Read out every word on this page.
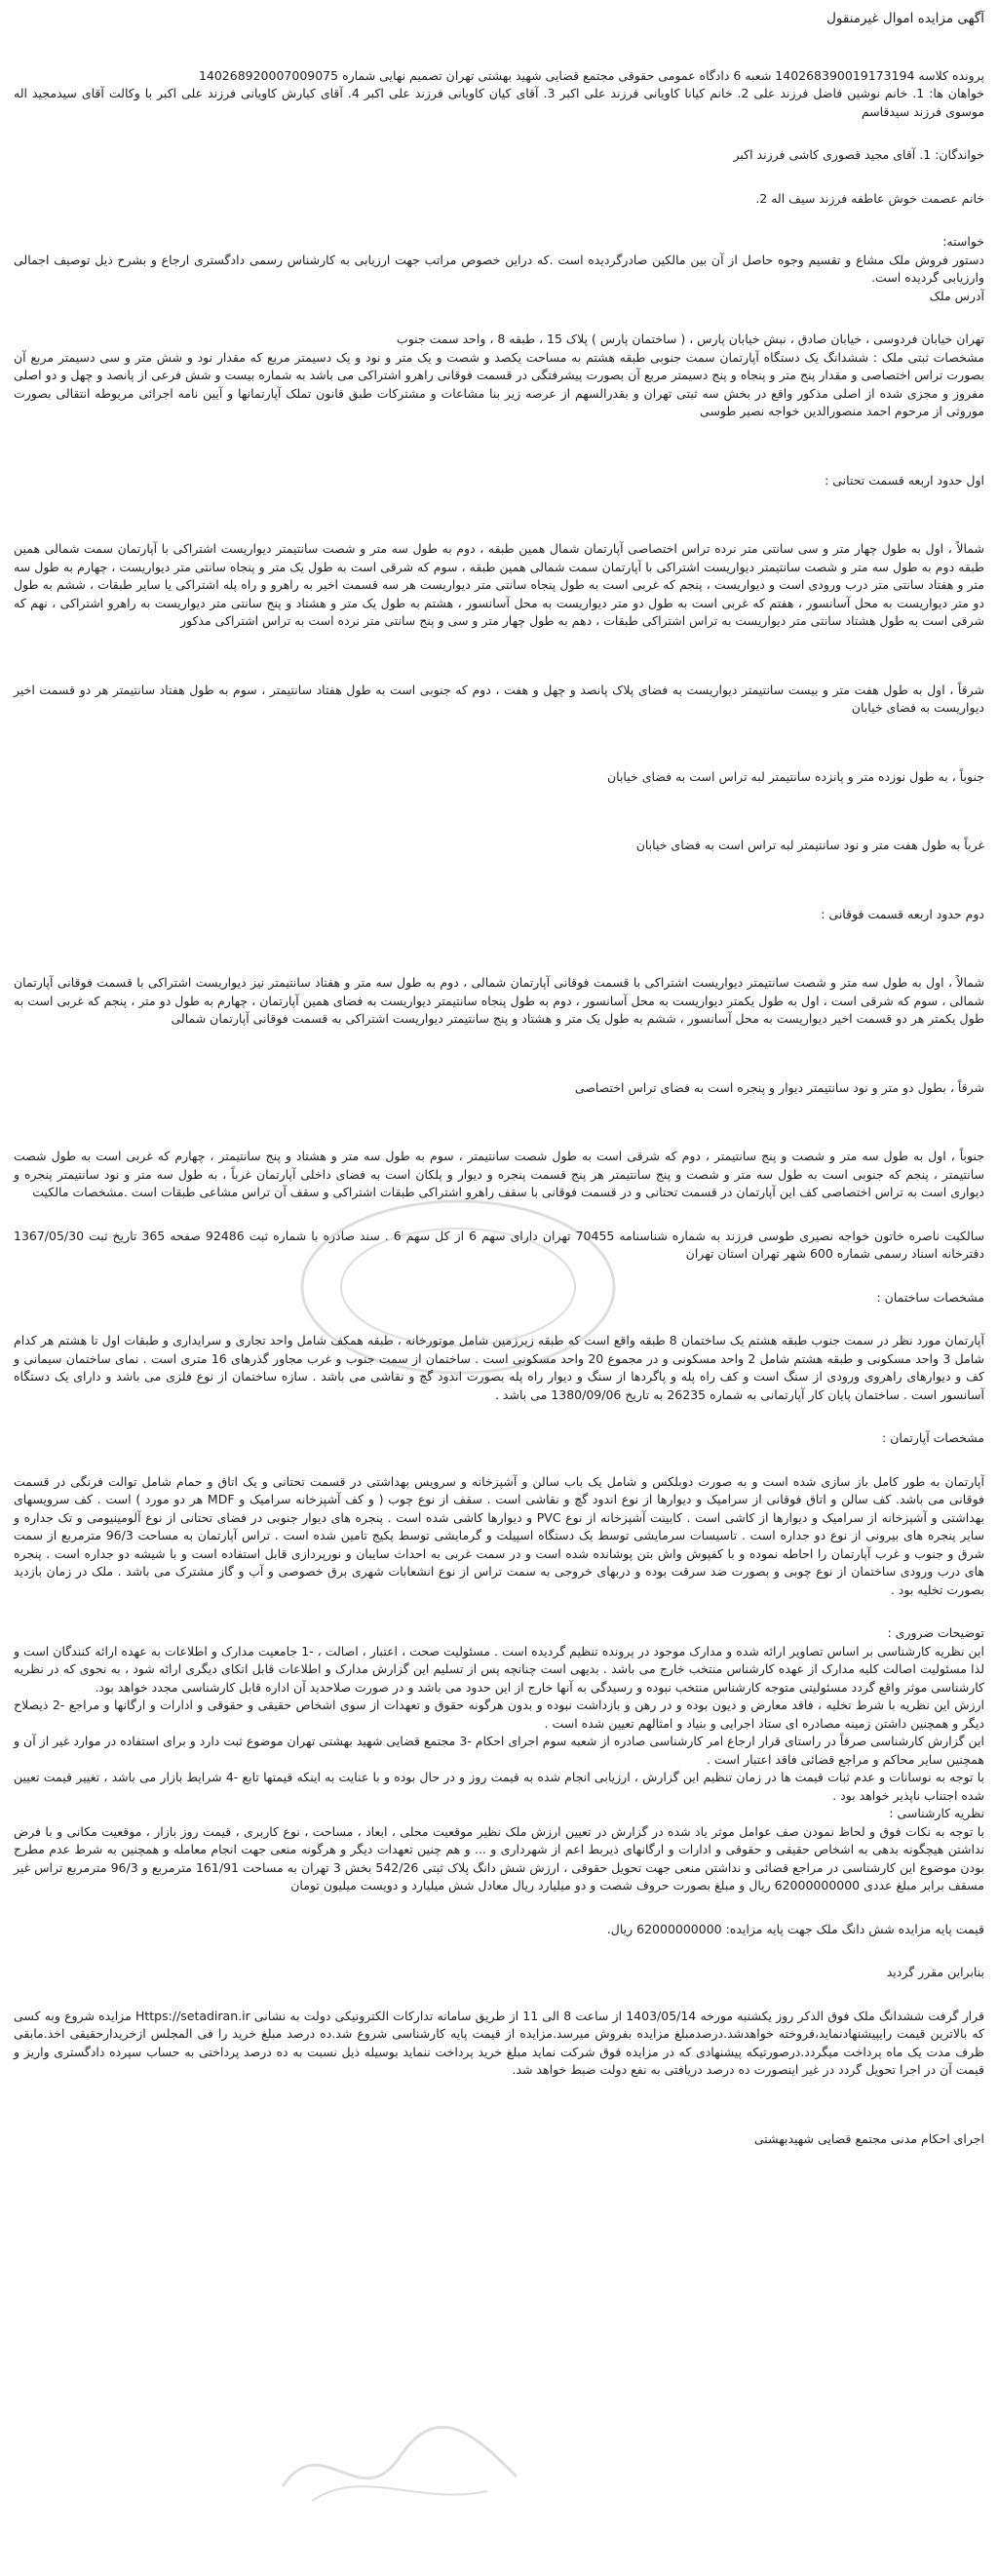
آگهی مزایده اموال غیرمنقول

پرونده کلاسه 140268390019173194 شعبه 6 دادگاه عمومی حقوقی مجتمع قضایی شهید بهشتی تهران تصمیم نهایی شماره 140268920007009075

خواهان ها: 1. خانم نوشین فاضل فرزند علی 2. خانم کیانا کاویانی فرزند علی اکبر 3. آقای کیان کاویانی فرزند علی اکبر 4. آقای کیارش کاویانی فرزند علی اکبر با وکالت آقای سیدمجید اله موسوی فرزند سیدقاسم

خواندگان: 1. آقای مجید قصوری کاشی فرزند اکبر

خانم عصمت خوش عاطفه فرزند سیف اله 2.

خواسته:

دستور فروش ملک مشاع و تقسیم وجوه حاصل از آن بین مالکین صادرگردیده است .که دراین خصوص مراتب جهت ارزیابی به کارشناس رسمی دادگستری ارجاع و بشرح ذیل توصیف اجمالی وارزیابی گردیده است.

آدرس ملک

تهران خیابان فردوسی ، خیابان صادق ، نبش خیابان پارس ، ( ساختمان پارس ) پلاک 15 ، طبقه 8 ، واحد سمت جنوب

مشخصات ثبتی ملک : ششدانگ یک دستگاه آپارتمان سمت جنوبی طبقه هشتم به مساحت یکصد و شصت و یک متر و نود و یک دسیمتر مربع که مقدار نود و شش متر و سی دسیمتر مربع آن بصورت تراس اختصاصی و مقدار پنج متر و پنجاه و پنج دسیمتر مربع آن بصورت پیشرفتگی در قسمت فوقانی راهرو اشتراکی می باشد به شماره بیست و شش فرعی از پانصد و چهل و دو اصلی مفروز و مجزی شده از اصلی مذکور واقع در بخش سه ثبتی تهران و بقدرالسهم از عرصه زیر بنا مشاعات و مشترکات طبق قانون تملک آپارتمانها و آیین نامه اجرائی مربوطه انتقالی بصورت موروثی از مرحوم احمد منصورالدین خواجه نصیر طوسی

اول حدود اربعه قسمت تحتانی :

شمالاً ، اول به طول چهار متر و سی سانتی متر نرده تراس اختصاصی آپارتمان شمال همین طبقه ، دوم به طول سه متر و شصت سانتیمتر دیواریست اشتراکی با آپارتمان سمت شمالی همین طبقه دوم به طول سه متر و شصت سانتیمتر دیواریست اشتراکی با آپارتمان سمت شمالی همین طبقه ، سوم که شرقی است به طول یک متر و پنجاه سانتی متر دیواریست ، چهارم به طول سه متر و هفتاد سانتی متر درب ورودی است و دیواریست ، پنجم که غربی است به طول پنجاه سانتی متر دیواریست هر سه قسمت اخیر به راهرو و راه پله اشتراکی یا سایر طبقات ، ششم به طول دو متر دیواریست به محل آسانسور ، هفتم که غربی است به طول دو متر دیواریست به محل آسانسور ، هشتم به طول یک متر و هشتاد و پنج سانتی متر دیواریست به راهرو اشتراکی ، نهم که شرقی است به طول هشتاد سانتی متر دیواریست به تراس اشتراکی طبقات ، دهم به طول چهار متر و سی و پنج سانتی متر نرده است به تراس اشتراکی مذکور

شرقاً ، اول به طول هفت متر و بیست سانتیمتر دیواریست به فضای پلاک پانصد و چهل و هفت ، دوم که جنوبی است به طول هفتاد سانتیمتر ، سوم به طول هفتاد سانتیمتر هر دو قسمت اخیر دیواریست به فضای خیابان

جنوباً ، به طول نوزده متر و پانزده سانتیمتر لبه تراس است به فضای خیابان

غرباً به طول هفت متر و نود سانتیمتر لبه تراس است به فضای خیابان

دوم حدود اربعه قسمت فوقانی :

شمالاً ، اول به طول سه متر و شصت سانتیمتر دیواریست اشتراکی با قسمت فوقانی آپارتمان شمالی ، دوم به طول سه متر و هفتاد سانتیمتر نیز دیواریست اشتراکی با قسمت فوقانی آپارتمان شمالی ، سوم که شرقی است ، اول به طول یکمتر دیواریست به محل آسانسور ، دوم به طول پنجاه سانتیمتر دیواریست به فضای همین آپارتمان ، چهارم به طول دو متر ، پنجم که غربی است به طول یکمتر هر دو قسمت اخیر دیواریست به محل آسانسور ، ششم به طول یک متر و هشتاد و پنج سانتیمتر دیواریست اشتراکی به قسمت فوقانی آپارتمان شمالی

شرقاً ، بطول دو متر و نود سانتیمتر دیوار و پنجره است به فضای تراس اختصاصی

جنوباً ، اول به طول سه متر و شصت و پنج سانتیمتر ، دوم که شرقی است به طول شصت سانتیمتر ، سوم به طول سه متر و هشتاد و پنج سانتیمتر ، چهارم که غربی است به طول شصت سانتیمتر ، پنجم که جنوبی است به طول سه متر و شصت و پنج سانتیمتر هر پنج قسمت پنجره و دیوار و پلکان است به فضای داخلی آپارتمان غرباً ، به طول سه متر و نود سانتیمتر پنجره و دیواری است به تراس اختصاصی کف این آپارتمان در قسمت تحتانی و در قسمت فوقانی با سقف راهرو اشتراکی طبقات اشتراکی و سقف آن تراس مشاعی طبقات است .مشخصات مالکیت

سالکیت ناصره خاتون خواجه نصیری طوسی فرزند به شماره شناسنامه 70455 تهران دارای سهم 6 از کل سهم 6 . سند صادره با شماره ثبت 92486 صفحه 365 تاریخ ثبت 1367/05/30 دفترخانه اسناد رسمی شماره 600 شهر تهران استان تهران

مشخصات ساختمان :

آپارتمان مورد نظر در سمت جنوب طبقه هشتم یک ساختمان 8 طبقه واقع است که طبقه زیرزمین شامل موتورخانه ، طبقه همکف شامل واحد تجاری و سرایداری و طبقات اول تا هشتم هر کدام شامل 3 واحد مسکونی و طبقه هشتم شامل 2 واحد مسکونی و در مجموع 20 واحد مسکونی است . ساختمان از سمت جنوب و غرب مجاور گذرهای 16 متری است . نمای ساختمان سیمانی و کف و دیوارهای راهروی ورودی از سنگ است و کف راه پله و پاگردها از سنگ و دیوار راه پله بصورت اندود گچ و نقاشی می باشد . سازه ساختمان از نوع فلزی می باشد و دارای یک دستگاه آسانسور است . ساختمان پایان کار آپارتمانی به شماره 26235 به تاریخ 1380/09/06 می باشد .

مشخصات آپارتمان :

آپارتمان به طور کامل باز سازی شده است و به صورت دوبلکس و شامل یک باب سالن و آشپزخانه و سرویس بهداشتی در قسمت تحتانی و یک اتاق و حمام شامل توالت فرنگی در قسمت فوقانی می باشد. کف سالن و اتاق فوقانی از سرامیک و دیوارها از نوع اندود گچ و نقاشی است . سقف از نوع چوب ( و کف آشپزخانه سرامیک و MDF هر دو مورد ) است . کف سرویسهای بهداشتی و آشپزخانه از سرامیک و دیوارها از کاشی است . کابینت آشپزخانه از نوع PVC و دیوارها کاشی شده است . پنجره های دیوار جنوبی در فضای تحتانی از نوع آلومینیومی و تک جداره و سایر پنجره های بیرونی از نوع دو جداره است . تاسیسات سرمایشی توسط یک دستگاه اسپیلت و گرمایشی توسط پکیج تامین شده است . تراس آپارتمان به مساحت 96/3 مترمربع از سمت شرق و جنوب و غرب آپارتمان را احاطه نموده و با کفپوش واش بتن پوشانده شده است و در سمت غربی به احداث سایبان و نورپردازی قابل استفاده است و با شیشه دو جداره است . پنجره های درب ورودی ساختمان از نوع چوبی و بصورت ضد سرقت بوده و دربهای خروجی به سمت تراس از نوع انشعابات شهری برق خصوصی و آب و گاز مشترک می باشد . ملک در زمان بازدید بصورت تخلیه بود .

توضیحات ضروری :

این نظریه کارشناسی بر اساس تصاویر ارائه شده و مدارک موجود در پرونده تنظیم گردیده است . مسئولیت صحت ، اعتبار ، اصالت ، -1 جامعیت مدارک و اطلاعات به عهده ارائه کنندگان است و لذا مسئولیت اصالت کلیه مدارک از عهده کارشناس منتخب خارج می باشد . بدیهی است چنانچه پس از تسلیم این گزارش مدارک و اطلاعات قابل اتکای دیگری ارائه شود ، به نحوی که در نظریه کارشناسی موثر واقع گردد مسئولیتی متوجه کارشناس منتخب نبوده و رسیدگی به آنها خارج از این حدود می باشد و در صورت صلاحدید آن اداره قابل کارشناسی مجدد خواهد بود.

ارزش این نظریه با شرط تخلیه ، فاقد معارض و دیون بوده و در رهن و بازداشت نبوده و بدون هرگونه حقوق و تعهدات از سوی اشخاص حقیقی و حقوقی و ادارات و ارگانها و مراجع -2 ذیصلاح دیگر و همچنین داشتن زمینه مصادره ای ستاد اجرایی و بنیاد و امثالهم تعیین شده است .

این گزارش کارشناسی صرفاً در راستای قرار ارجاع امر کارشناسی صادره از شعبه سوم اجرای احکام -3 مجتمع قضایی شهید بهشتی تهران موضوع ثبت دارد و برای استفاده در موارد غیر از آن و همچنین سایر محاکم و مراجع قضائی فاقد اعتبار است .

با توجه به نوسانات و عدم ثبات قیمت ها در زمان تنظیم این گزارش ، ارزیابی انجام شده به قیمت روز و در حال بوده و با عنایت به اینکه قیمتها تابع -4 شرایط بازار می باشد ، تغییر قیمت تعیین شده اجتناب ناپذیر خواهد بود .

نظریه کارشناسی :

با توجه به نکات فوق و لحاظ نمودن صف عوامل موثر یاد شده در گزارش در تعیین ارزش ملک نظیر موقعیت محلی ، ابعاد ، مساحت ، نوع کاربری ، قیمت روز بازار ، موقعیت مکانی و با فرض نداشتن هیچگونه بدهی به اشخاص حقیقی و حقوقی و ادارات و ارگانهای ذیربط اعم از شهرداری و ... و هم چنین تعهدات دیگر و هرگونه منعی جهت انجام معامله و همچنین به شرط عدم مطرح بودن موضوع این کارشناسی در مراجع قضائی و نداشتن منعی جهت تحویل حقوقی ، ارزش شش دانگ پلاک ثبتی 542/26 بخش 3 تهران به مساحت 161/91 مترمربع و 96/3 مترمربع تراس غیر مسقف برابر مبلغ عددی 62000000000 ریال و مبلغ بصورت حروف شصت و دو میلیارد ریال معادل شش میلیارد و دویست میلیون تومان

قیمت پایه مزایده شش دانگ ملک جهت پایه مزایده: 62000000000 ریال.

بنابراین مقرر گردید

قرار گرفت ششدانگ ملک فوق الذکر روز یکشنبه مورخه 1403/05/14 از ساعت 8 الی 11 از طریق سامانه تدارکات الکترونیکی دولت به نشانی Https://setadiran.ir مزایده شروع وبه کسی که بالاترین قیمت رایپیشنهادنماید،فروخته خواهدشد.درصدمبلغ مزایده بفروش میرسد.مزایده از قیمت پایه کارشناسی شروع شد.ده درصد مبلغ خرید را فی المجلس ازخریدارحقیقی اخذ.مابقی ظرف مدت یک ماه پرداخت میگردد.درصورتیکه پیشنهادی که در مزایده فوق شرکت نماید مبلغ خرید پرداخت ننماید بوسیله ذیل نسبت به ده درصد پرداختی به حساب سپرده دادگستری واریز و قیمت آن در اجرا تحویل گردد در غیر اینصورت ده درصد دریافتی به نفع دولت ضبط خواهد شد.

اجرای احکام مدنی مجتمع قضایی شهیدبهشتی
